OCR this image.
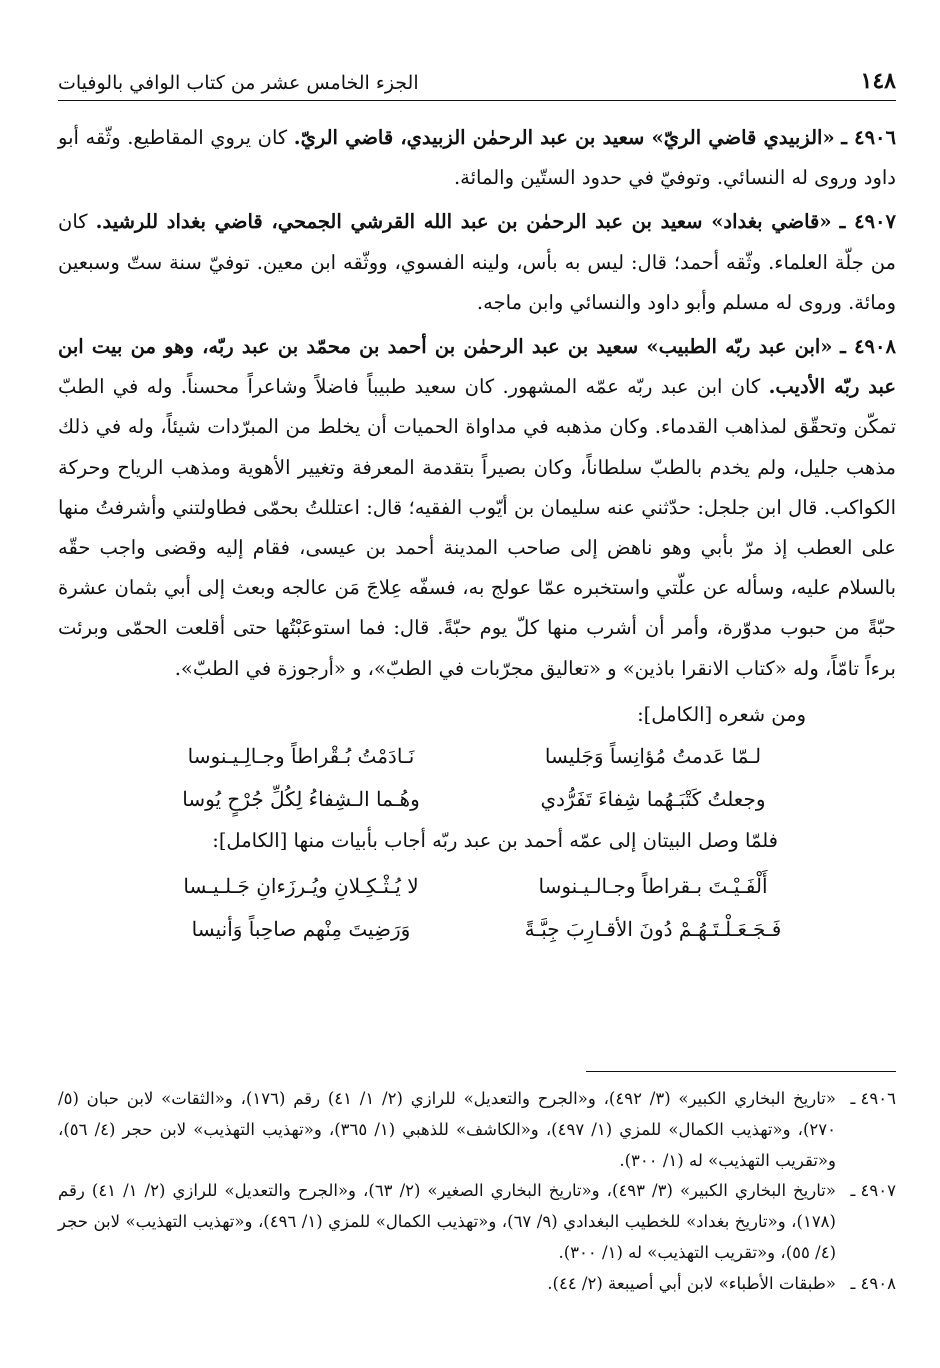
١٤٨
الجزء الخامس عشر من كتاب الوافي بالوفيات

٤٩٠٦ ـ «الزبيدي قاضي الريّ» سعيد بن عبد الرحمٰن الزبيدي، قاضي الريّ. كان يروي المقاطيع. وثّقه أبو داود وروى له النسائي. وتوفيّ في حدود الستّين والمائة.

٤٩٠٧ ـ «قاضي بغداد» سعيد بن عبد الرحمٰن بن عبد الله القرشي الجمحي، قاضي بغداد للرشيد. كان من جلّة العلماء. وثّقه أحمد؛ قال: ليس به بأس، ولينه الفسوي، ووثّقه ابن معين. توفيّ سنة ستّ وسبعين ومائة. وروى له مسلم وأبو داود والنسائي وابن ماجه.

٤٩٠٨ ـ «ابن عبد ربّه الطبيب» سعيد بن عبد الرحمٰن بن أحمد بن محمّد بن عبد ربّه، وهو من بيت ابن عبد ربّه الأديب. كان ابن عبد ربّه عمّه المشهور. كان سعيد طبيباً فاضلاً وشاعراً محسناً. وله في الطبّ تمكّن وتحقّق لمذاهب القدماء. وكان مذهبه في مداواة الحميات أن يخلط من المبرّدات شيئاً، وله في ذلك مذهب جليل، ولم يخدم بالطبّ سلطاناً، وكان بصيراً بتقدمة المعرفة وتغيير الأهوية ومذهب الرياح وحركة الكواكب. قال ابن جلجل: حدّثني عنه سليمان بن أيّوب الفقيه؛ قال: اعتللتُ بحمّى فطاولتني وأشرفتُ منها على العطب إذ مرّ بأبي وهو ناهض إلى صاحب المدينة أحمد بن عيسى، فقام إليه وقضى واجب حقّه بالسلام عليه، وسأله عن علّتي واستخبره عمّا عولج به، فسفّه عِلاجَ مَن عالجه وبعث إلى أبي بثمان عشرة حبّةً من حبوب مدوّرة، وأمر أن أشرب منها كلّ يوم حبّةً. قال: فما استوعَبْتُها حتى أقلعت الحمّى وبرئت برءاً تامّاً، وله «كتاب الانقرا باذين» و «تعاليق مجرّبات في الطبّ»، و «أرجوزة في الطبّ».

ومن شعره [الكامل]:

لـمّا عَدمتُ مُؤانِساً وَجَليسا
نَـادَمْتُ بُـقْراطاً وجـالِـيـنوسا
وجعلتُ كَتْبَـهُما شِفاءَ تَفَرُّدي
وهُـما الـشِفاءُ لِكُلِّ جُرْحٍ يُوسا

فلمّا وصل البيتان إلى عمّه أحمد بن عبد ربّه أجاب بأبيات منها [الكامل]:

أَلْفَـيْـتَ بـقراطاً وجـالـيـنوسا
لا يُـثْـكِـلانِ ويُـرزَءانِ جَـلـيـسا
فَـجَـعَـلْـتَـهُـمْ دُونَ الأقـارِبَ جِبَّـةً
وَرَضِيتَ مِنْهم صاحِباً وَأنيسا

٤٩٠٦ ـ
«تاريخ البخاري الكبير» (٣/ ٤٩٢)، و«الجرح والتعديل» للرازي (٢/ ١/ ٤١) رقم (١٧٦)، و«الثقات» لابن حبان (٥/ ٢٧٠)، و«تهذيب الكمال» للمزي (١/ ٤٩٧)، و«الكاشف» للذهبي (١/ ٣٦٥)، و«تهذيب التهذيب» لابن حجر (٤/ ٥٦)، و«تقريب التهذيب» له (١/ ٣٠٠).

٤٩٠٧ ـ
«تاريخ البخاري الكبير» (٣/ ٤٩٣)، و«تاريخ البخاري الصغير» (٢/ ٦٣)، و«الجرح والتعديل» للرازي (٢/ ١/ ٤١) رقم (١٧٨)، و«تاريخ بغداد» للخطيب البغدادي (٩/ ٦٧)، و«تهذيب الكمال» للمزي (١/ ٤٩٦)، و«تهذيب التهذيب» لابن حجر (٤/ ٥٥)، و«تقريب التهذيب» له (١/ ٣٠٠).

٤٩٠٨ ـ
«طبقات الأطباء» لابن أبي أصيبعة (٢/ ٤٤).
